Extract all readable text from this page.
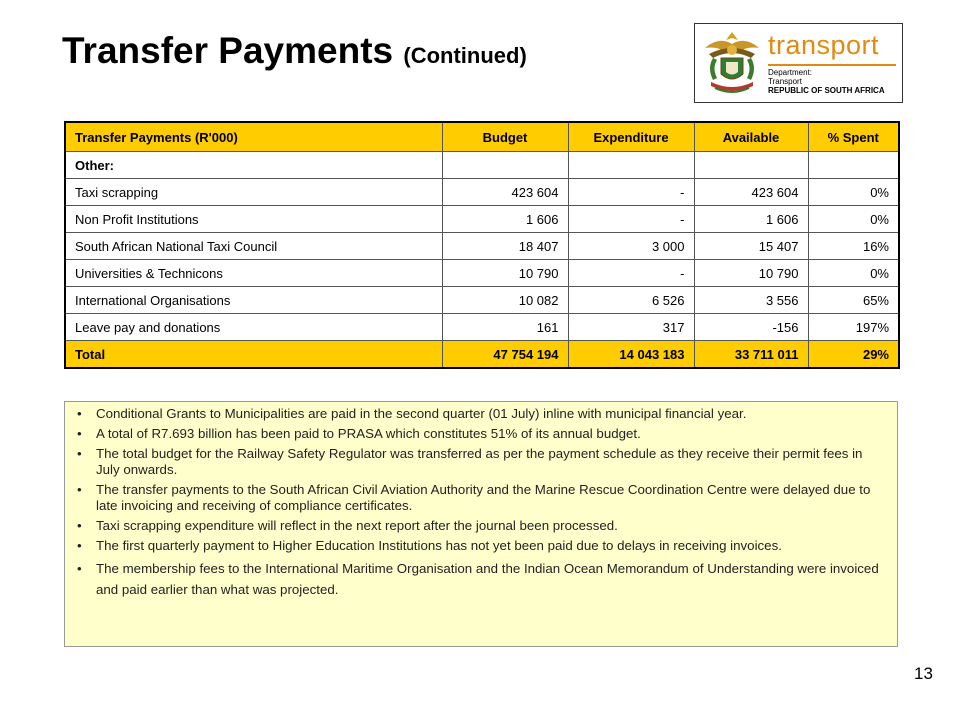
Transfer Payments (Continued)	transport
Department:
Transport
REPUBLIC OF SOUTH AFRICA
Transfer Payments (R'000)	Budget	Expenditure	Available	% Spent
Other:				
Taxi scrapping	423 604	-	423 604	0%
Non Profit Institutions	1 606	-	1 606	0%
South African National Taxi Council	18 407	3 000	15 407	16%
Universities & Technicons	10 790	-	10 790	0%
International Organisations	10 082	6 526	3 556	65%
Leave pay and donations	161	317	-156	197%
Total	47 754 194	14 043 183	33 711 011	29%
• Conditional Grants to Municipalities are paid in the second quarter (01 July) inline with municipal financial year.
• A total of R7.693 billion has been paid to PRASA which constitutes 51% of its annual budget.
• The total budget for the Railway Safety Regulator was transferred as per the payment schedule as they receive their permit fees in July onwards.
• The transfer payments to the South African Civil Aviation Authority and the Marine Rescue Coordination Centre were delayed due to late invoicing and receiving of compliance certificates.
• Taxi scrapping expenditure will reflect in the next report after the journal been processed.
• The first quarterly payment to Higher Education Institutions has not yet been paid due to delays in receiving invoices.
• The membership fees to the International Maritime Organisation and the Indian Ocean Memorandum of Understanding were invoiced and paid earlier than what was projected.
13
